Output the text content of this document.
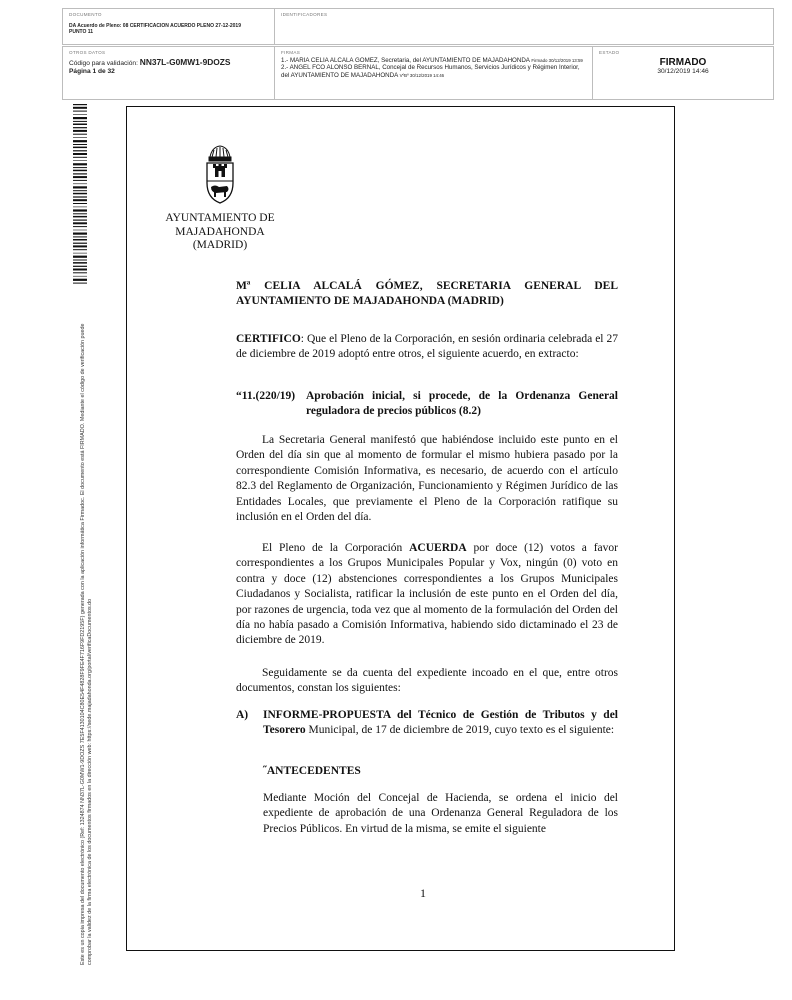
DOCUMENTO
DA Acuerdo de Pleno: 08 CERTIFICACION ACUERDO PLENO 27-12-2019 PUNTO 11
IDENTIFICADORES
OTROS DATOS
Código para validación: NN37L-G0MW1-9DOZS
Página 1 de 32
FIRMAS
1.- MARIA CELIA ALCALA GOMEZ, Secretaria, del AYUNTAMIENTO DE MAJADAHONDA Firmado 30/12/2019 13:59
2.- ANGEL FCO ALONSO BERNAL, Concejal de Recursos Humanos, Servicios Jurídicos y Régimen Interior, del AYUNTAMIENTO DE MAJADAHONDA VºBº 30/12/2019 14:46
ESTADO
FIRMADO
30/12/2019 14:46
Este es un copia impresa del documento electrónico (Ref: 1324874 NN37L-G0MW1-9DOZS 7E5F4130104C80E54F4828F9FE4F716F9FD2195F) generada con la aplicación informática Firmadoc. El documento está FIRMADO. Mediante el código de verificación puede comprobar la validez de la firma electrónica de los documentos firmados en la dirección web: https://sede.majadahonda.org/portal/verificaDocumentos.do
AYUNTAMIENTO DE
MAJADAHONDA
(MADRID)
Mª CELIA ALCALÁ GÓMEZ, SECRETARIA GENERAL DEL AYUNTAMIENTO DE MAJADAHONDA (MADRID)

CERTIFICO: Que el Pleno de la Corporación, en sesión ordinaria celebrada el 27 de diciembre de 2019 adoptó entre otros, el siguiente acuerdo, en extracto:

“11.(220/19) Aprobación inicial, si procede, de la Ordenanza General reguladora de precios públicos (8.2)

La Secretaria General manifestó que habiéndose incluido este punto en el Orden del día sin que al momento de formular el mismo hubiera pasado por la correspondiente Comisión Informativa, es necesario, de acuerdo con el artículo 82.3 del Reglamento de Organización, Funcionamiento y Régimen Jurídico de las Entidades Locales, que previamente el Pleno de la Corporación ratifique su inclusión en el Orden del día.

El Pleno de la Corporación ACUERDA por doce (12) votos a favor correspondientes a los Grupos Municipales Popular y Vox, ningún (0) voto en contra y doce (12) abstenciones correspondientes a los Grupos Municipales Ciudadanos y Socialista, ratificar la inclusión de este punto en el Orden del día, por razones de urgencia, toda vez que al momento de la formulación del Orden del día no había pasado a Comisión Informativa, habiendo sido dictaminado el 23 de diciembre de 2019.

Seguidamente se da cuenta del expediente incoado en el que, entre otros documentos, constan los siguientes:

A)	INFORME-PROPUESTA del Técnico de Gestión de Tributos y del Tesorero Municipal, de 17 de diciembre de 2019, cuyo texto es el siguiente:

˝ANTECEDENTES

Mediante Moción del Concejal de Hacienda, se ordena el inicio del expediente de aprobación de una Ordenanza General Reguladora de los Precios Públicos. En virtud de la misma, se emite el siguiente

1
